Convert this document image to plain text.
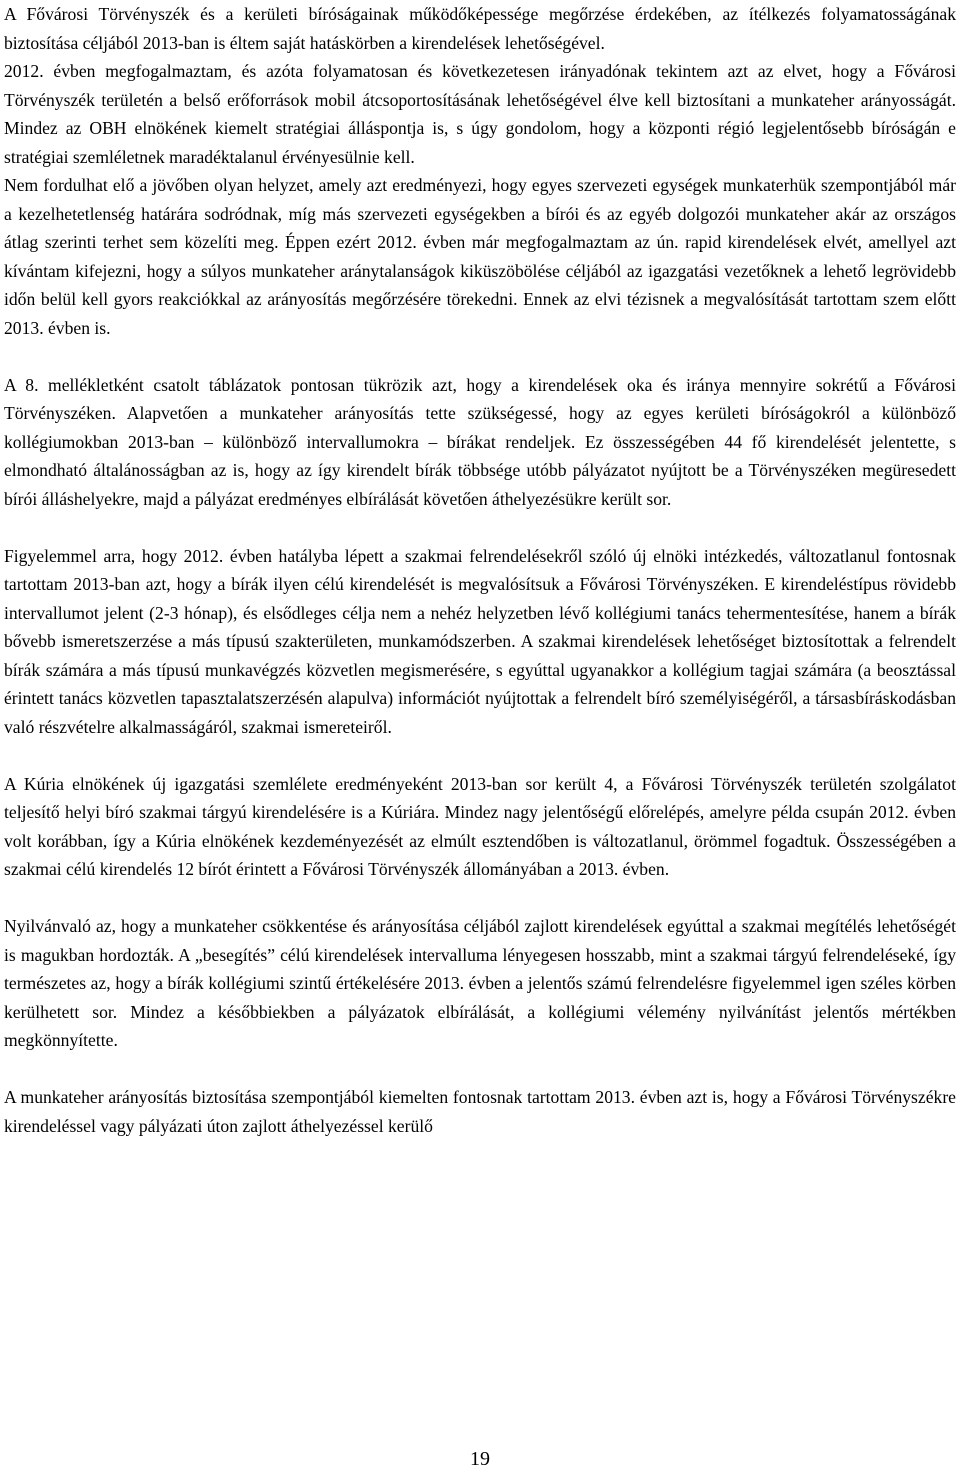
A Fővárosi Törvényszék és a kerületi bíróságainak működőképessége megőrzése érdekében, az ítélkezés folyamatosságának biztosítása céljából 2013-ban is éltem saját hatáskörben a kirendelések lehetőségével.

2012. évben megfogalmaztam, és azóta folyamatosan és következetesen irányadónak tekintem azt az elvet, hogy a Fővárosi Törvényszék területén a belső erőforrások mobil átcsoportosításának lehetőségével élve kell biztosítani a munkateher arányosságát. Mindez az OBH elnökének kiemelt stratégiai álláspontja is, s úgy gondolom, hogy a központi régió legjelentősebb bíróságán e stratégiai szemléletnek maradéktalanul érvényesülnie kell.

Nem fordulhat elő a jövőben olyan helyzet, amely azt eredményezi, hogy egyes szervezeti egységek munkaterhük szempontjából már a kezelhetetlenség határára sodródnak, míg más szervezeti egységekben a bírói és az egyéb dolgozói munkateher akár az országos átlag szerinti terhet sem közelíti meg. Éppen ezért 2012. évben már megfogalmaztam az ún. rapid kirendelések elvét, amellyel azt kívántam kifejezni, hogy a súlyos munkateher aránytalanságok kiküszöbölése céljából az igazgatási vezetőknek a lehető legrövidebb időn belül kell gyors reakciókkal az arányosítás megőrzésére törekedni. Ennek az elvi tézisnek a megvalósítását tartottam szem előtt 2013. évben is.

A 8. mellékletként csatolt táblázatok pontosan tükrözik azt, hogy a kirendelések oka és iránya mennyire sokrétű a Fővárosi Törvényszéken. Alapvetően a munkateher arányosítás tette szükségessé, hogy az egyes kerületi bíróságokról a különböző kollégiumokban 2013-ban – különböző intervallumokra – bírákat rendeljek. Ez összességében 44 fő kirendelését jelentette, s elmondható általánosságban az is, hogy az így kirendelt bírák többsége utóbb pályázatot nyújtott be a Törvényszéken megüresedett bírói álláshelyekre, majd a pályázat eredményes elbírálását követően áthelyezésükre került sor.

Figyelemmel arra, hogy 2012. évben hatályba lépett a szakmai felrendelésekről szóló új elnöki intézkedés, változatlanul fontosnak tartottam 2013-ban azt, hogy a bírák ilyen célú kirendelését is megvalósítsuk a Fővárosi Törvényszéken. E kirendeléstípus rövidebb intervallumot jelent (2-3 hónap), és elsődleges célja nem a nehéz helyzetben lévő kollégiumi tanács tehermentesítése, hanem a bírák bővebb ismeretszerzése a más típusú szakterületen, munkamódszerben. A szakmai kirendelések lehetőséget biztosítottak a felrendelt bírák számára a más típusú munkavégzés közvetlen megismerésére, s egyúttal ugyanakkor a kollégium tagjai számára (a beosztással érintett tanács közvetlen tapasztalatszerzésén alapulva) információt nyújtottak a felrendelt bíró személyiségéről, a társasbíráskodásban való részvételre alkalmasságáról, szakmai ismereteiről.

A Kúria elnökének új igazgatási szemlélete eredményeként 2013-ban sor került 4, a Fővárosi Törvényszék területén szolgálatot teljesítő helyi bíró szakmai tárgyú kirendelésére is a Kúriára. Mindez nagy jelentőségű előrelépés, amelyre példa csupán 2012. évben volt korábban, így a Kúria elnökének kezdeményezését az elmúlt esztendőben is változatlanul, örömmel fogadtuk. Összességében a szakmai célú kirendelés 12 bírót érintett a Fővárosi Törvényszék állományában a 2013. évben.

Nyilvánvaló az, hogy a munkateher csökkentése és arányosítása céljából zajlott kirendelések egyúttal a szakmai megítélés lehetőségét is magukban hordozták. A „besegítés” célú kirendelések intervalluma lényegesen hosszabb, mint a szakmai tárgyú felrendeléseké, így természetes az, hogy a bírák kollégiumi szintű értékelésére 2013. évben a jelentős számú felrendelésre figyelemmel igen széles körben kerülhetett sor. Mindez a későbbiekben a pályázatok elbírálását, a kollégiumi vélemény nyilvánítást jelentős mértékben megkönnyítette.

A munkateher arányosítás biztosítása szempontjából kiemelten fontosnak tartottam 2013. évben azt is, hogy a Fővárosi Törvényszékre kirendeléssel vagy pályázati úton zajlott áthelyezéssel kerülő

19
